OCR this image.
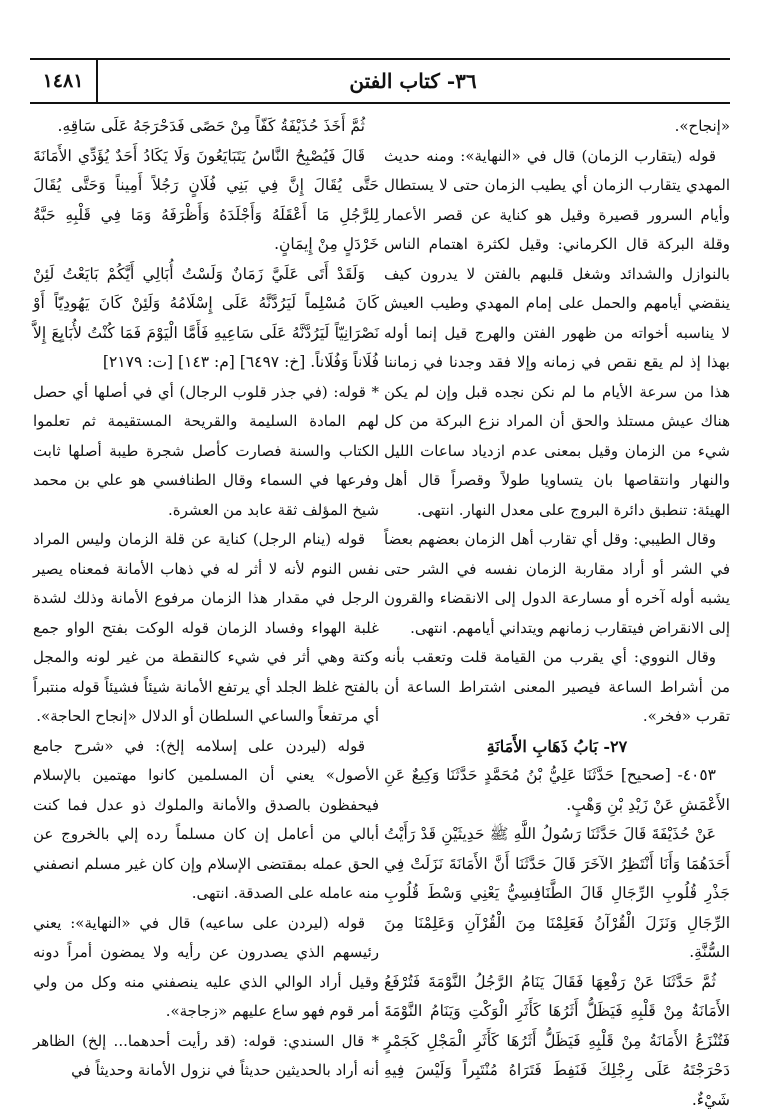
١٤٨١	٣٦- كتاب الفتن

«إنجاح».

قوله (يتقارب الزمان) قال في «النهاية»: ومنه حديث المهدي يتقارب الزمان أي يطيب الزمان حتى لا يستطال وأيام السرور قصيرة وقيل هو كناية عن قصر الأعمار وقلة البركة قال الكرماني: وقيل لكثرة اهتمام الناس بالنوازل والشدائد وشغل قلبهم بالفتن لا يدرون كيف ينقضي أيامهم والحمل على إمام المهدي وطيب العيش لا يناسبه أخواته من ظهور الفتن والهرج قيل إنما أوله بهذا إذ لم يقع نقص في زمانه وإلا فقد وجدنا في زماننا هذا من سرعة الأيام ما لم نكن نجده قبل وإن لم يكن هناك عيش مستلذ والحق أن المراد نزع البركة من كل شيء من الزمان وقيل بمعنى عدم ازدياد ساعات الليل والنهار وانتقاصها بان يتساويا طولاً وقصراً قال أهل الهيئة: تنطبق دائرة البروج على معدل النهار. انتهى.

وقال الطيبي: وقل أي تقارب أهل الزمان بعضهم بعضاً في الشر أو أراد مقاربة الزمان نفسه في الشر حتى يشبه أوله آخره أو مسارعة الدول إلى الانقضاء والقرون إلى الانقراض فيتقارب زمانهم ويتداني أيامهم. انتهى.

وقال النووي: أي يقرب من القيامة قلت وتعقب بأنه من أشراط الساعة فيصير المعنى اشتراط الساعة أن تقرب «فخر».

٢٧- بَابُ ذَهَابِ الأَمَانَةِ

٤٠٥٣- [صحيح] حَدَّثَنَا عَلِيُّ بْنُ مُحَمَّدٍ حَدَّثَنَا وَكِيعٌ عَنِ الأَعْمَشِ عَنْ زَيْدِ بْنِ وَهْبٍ.

عَنْ حُذَيْفَةَ قَالَ حَدَّثَنَا رَسُولُ اللَّهِ ﷺ حَدِيثَيْنِ قَدْ رَأَيْتُ أَحَدَهُمَا وَأَنَا أَنْتَظِرُ الآخَرَ قَالَ حَدَّثَنَا أَنَّ الأَمَانَةَ نَزَلَتْ فِي جَذْرِ قُلُوبِ الرِّجَالِ قَالَ الطَّنَافِسِيُّ يَعْنِي وَسْطَ قُلُوبِ الرِّجَالِ وَنَزَلَ الْقُرْآنُ فَعَلِمْنَا مِنَ الْقُرْآنِ وَعَلِمْنَا مِنَ السُّنَّةِ.

ثُمَّ حَدَّثَنَا عَنْ رَفْعِهَا فَقَالَ يَنَامُ الرَّجُلُ النَّوْمَةَ فَتُرْفَعُ الأَمَانَةُ مِنْ قَلْبِهِ فَيَظَلُّ أَثَرُهَا كَأَثَرِ الْوَكْتِ وَيَنَامُ النَّوْمَةَ فَتُنْزَعُ الأَمَانَةُ مِنْ قَلْبِهِ فَيَظَلُّ أَثَرُهَا كَأَثَرِ الْمَجْلِ كَجَمْرٍ دَحْرَجْتَهُ عَلَى رِجْلِكَ فَنَفِطَ فَتَرَاهُ مُنْتَبِراً وَلَيْسَ فِيهِ شَيْءٌ.

ثُمَّ أَخَذَ حُذَيْفَةُ كَفّاً مِنْ حَصًى فَدَحْرَجَهُ عَلَى سَاقِهِ.

قَالَ فَيُصْبِحُ النَّاسُ يَتَبَايَعُونَ وَلَا يَكَادُ أَحَدٌ يُؤَدِّي الأَمَانَةَ حَتَّى يُقَالَ إِنَّ فِي بَنِي فُلَانٍ رَجُلاً أَمِيناً وَحَتَّى يُقَالَ لِلرَّجُلِ مَا أَعْقَلَهُ وَأَجْلَدَهُ وَأَظْرَفَهُ وَمَا فِي قَلْبِهِ حَبَّةُ خَرْدَلٍ مِنْ إِيمَانٍ.

وَلَقَدْ أَتَى عَلَيَّ زَمَانٌ وَلَسْتُ أُبَالِي أَيَّكُمْ بَايَعْتُ لَئِنْ كَانَ مُسْلِماً لَيَرُدَّنَّهُ عَلَى إِسْلَامُهُ وَلَئِنْ كَانَ يَهُودِيّاً أَوْ نَصْرَانِيّاً لَيَرُدَّنَّهُ عَلَى سَاعِيهِ فَأَمَّا الْيَوْمَ فَمَا كُنْتُ لأُبَايِعَ إِلاَّ فُلَاناً وَفُلَاناً. [خ: ٦٤٩٧] [م: ١٤٣] [ت: ٢١٧٩]

* قوله: (في جذر قلوب الرجال) أي في أصلها أي حصل لهم المادة السليمة والقريحة المستقيمة ثم تعلموا الكتاب والسنة فصارت كأصل شجرة طيبة أصلها ثابت وفرعها في السماء وقال الطنافسي هو علي بن محمد شيخ المؤلف ثقة عابد من العشرة.

قوله (ينام الرجل) كناية عن قلة الزمان وليس المراد نفس النوم لأنه لا أثر له في ذهاب الأمانة فمعناه يصير الرجل في مقدار هذا الزمان مرفوع الأمانة وذلك لشدة غلبة الهواء وفساد الزمان قوله الوكت بفتح الواو جمع وكتة وهي أثر في شيء كالنقطة من غير لونه والمجل بالفتح غلظ الجلد أي يرتفع الأمانة شيئاً فشيئاً قوله منتبراً أي مرتفعاً والساعي السلطان أو الدلال «إنجاح الحاجة».

قوله (ليردن على إسلامه إلخ): في «شرح جامع الأصول» يعني أن المسلمين كانوا مهتمين بالإسلام فيحفظون بالصدق والأمانة والملوك ذو عدل فما كنت أبالي من أعامل إن كان مسلماً رده إلي بالخروج عن الحق عمله بمقتضى الإسلام وإن كان غير مسلم انصفني منه عامله على الصدقة. انتهى.

قوله (ليردن على ساعيه) قال في «النهاية»: يعني رئيسهم الذي يصدرون عن رأيه ولا يمضون أمراً دونه وقيل أراد الوالي الذي عليه ينصفني منه وكل من ولي أمر قوم فهو ساع عليهم «زجاجة».

* قال السندي: قوله: (قد رأيت أحدهما... إلخ) الظاهر أنه أراد بالحديثين حديثاً في نزول الأمانة وحديثاً في
